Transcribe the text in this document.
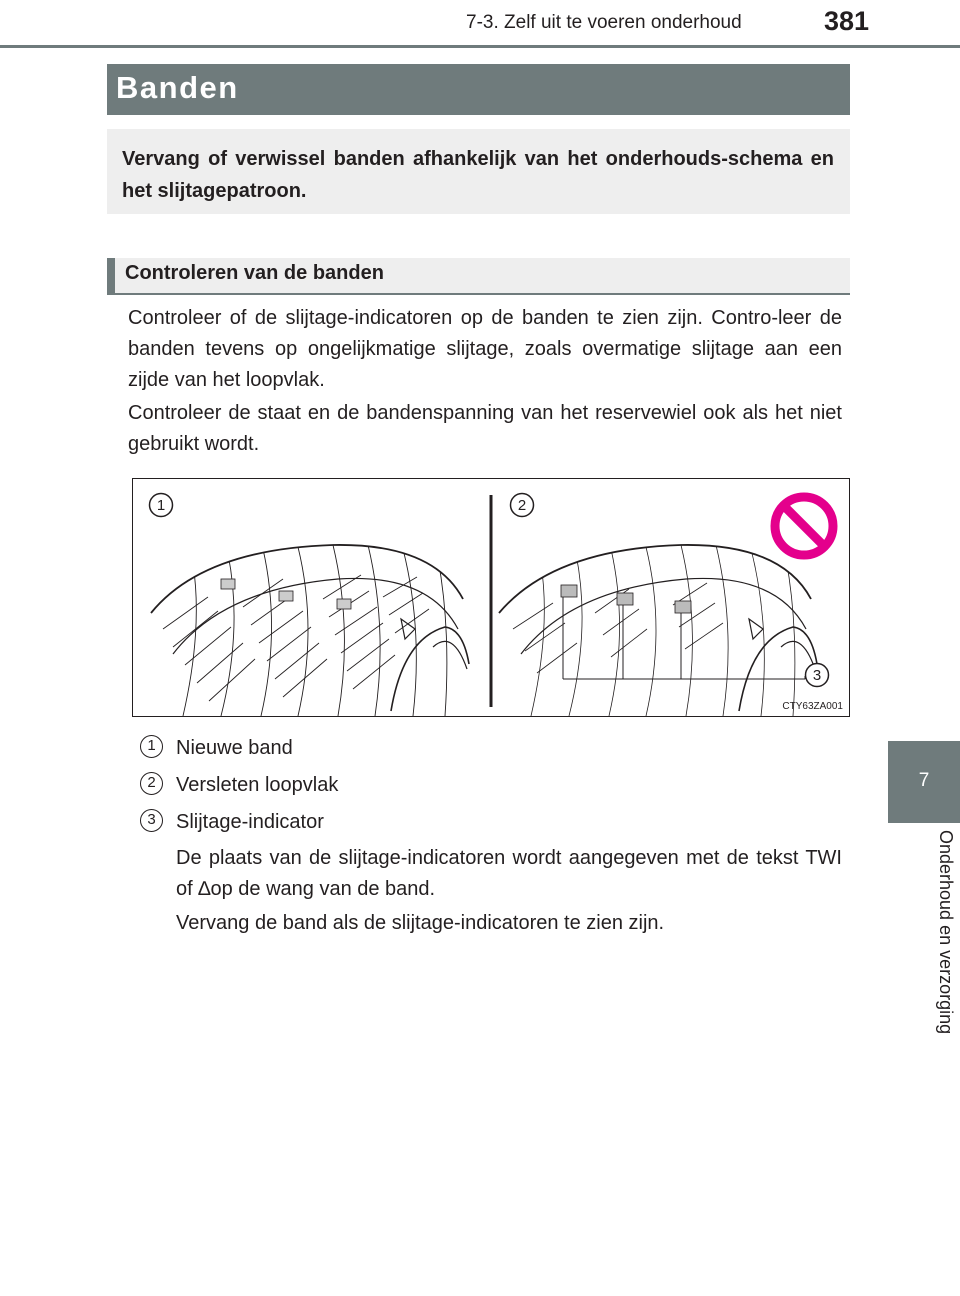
7-3. Zelf uit te voeren onderhoud	381
7
Onderhoud en verzorging
Banden

Vervang of verwissel banden afhankelijk van het onderhouds-schema en het slijtagepatroon.

Controleren van de banden

Controleer of de slijtage-indicatoren op de banden te zien zijn. Contro-leer de banden tevens op ongelijkmatige slijtage, zoals overmatige slijtage aan een zijde van het loopvlak.

Controleer de staat en de bandenspanning van het reservewiel ook als het niet gebruikt wordt.

1	2
3
CTY63ZA001
1	Nieuwe band
2	Versleten loopvlak
3	Slijtage-indicator

De plaats van de slijtage-indicatoren wordt aangegeven met de tekst TWI of ∆op de wang van de band.

Vervang de band als de slijtage-indicatoren te zien zijn.
